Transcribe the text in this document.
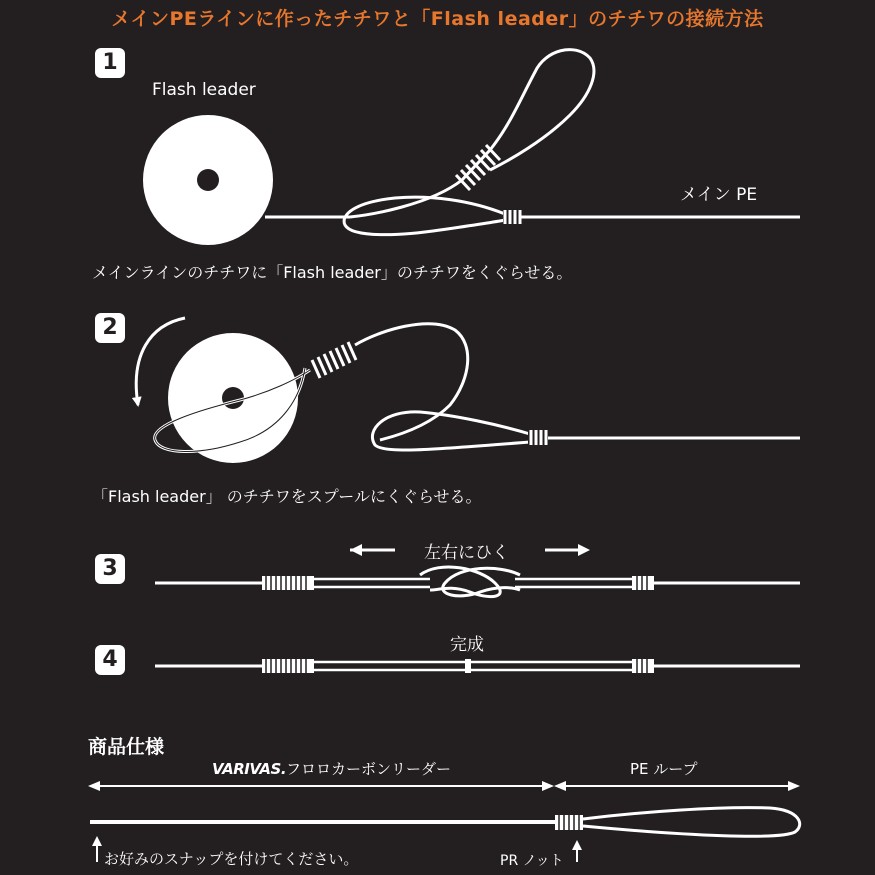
メインPEラインに作ったチチワと「Flash leader」のチチワの接続方法
1
2
3
4
Flash leader
メイン PE
メインラインのチチワに「Flash leader」のチチワをくぐらせる。
「Flash leader」 のチチワをスプールにくぐらせる。
左右にひく
完成
商品仕様
VARIVAS.フロロカーボンリーダー	PE ループ
お好みのスナップを付けてください。	PR ノット
